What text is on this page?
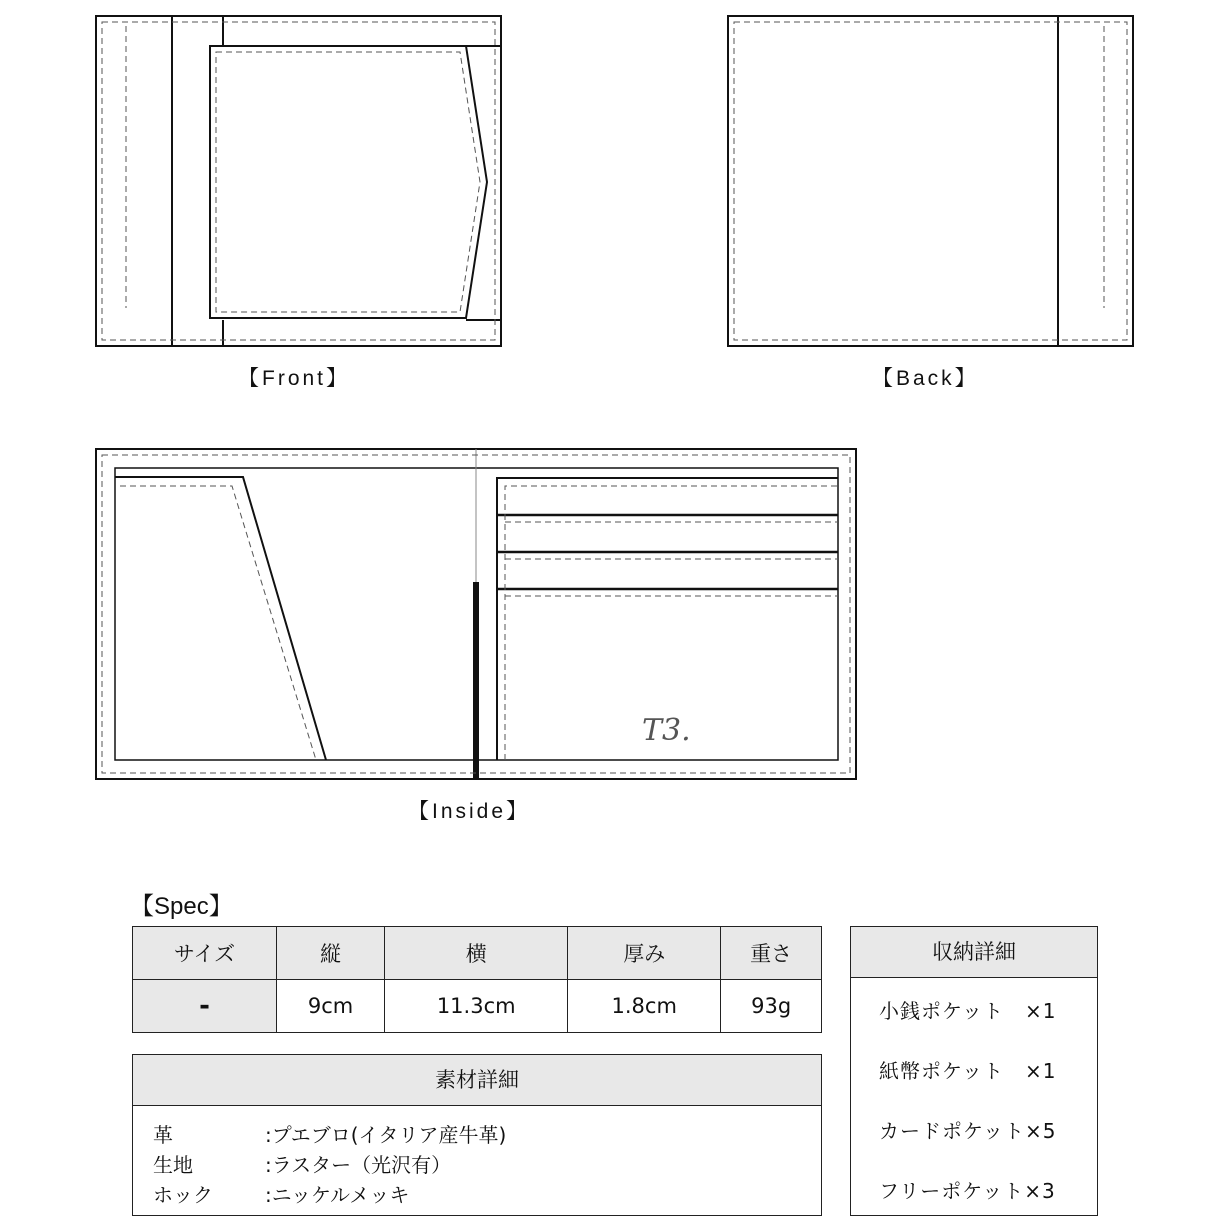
T3.
【Front】	【Back】
【Inside】
【Spec】
サイズ	縦	横	厚み	重さ
-	9cm	11.3cm	1.8cm	93g
素材詳細
革	:プエブロ(イタリア産牛革)
生地	:ラスター（光沢有）
ホック	:ニッケルメッキ
収納詳細
小銭ポケット　×1
紙幣ポケット　×1
カードポケット×5
フリーポケット×3
